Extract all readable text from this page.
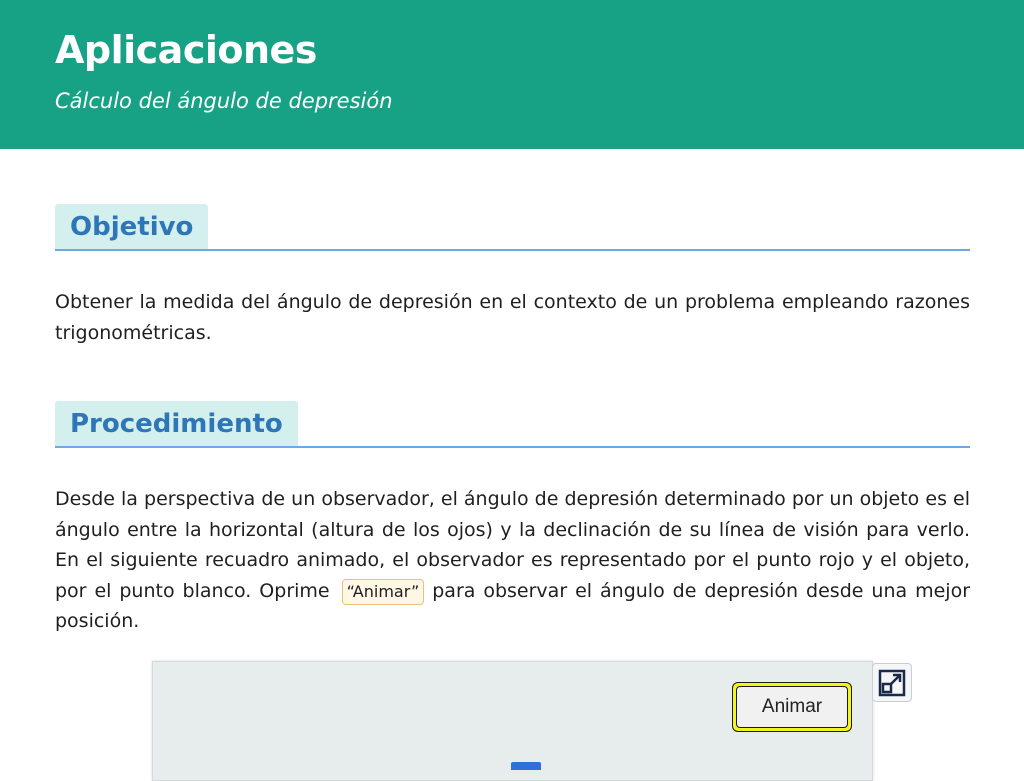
Aplicaciones
Cálculo del ángulo de depresión
Objetivo

Obtener la medida del ángulo de depresión en el contexto de un problema empleando razones trigonométricas.

Procedimiento

Desde la perspectiva de un observador, el ángulo de depresión determinado por un objeto es el ángulo entre la horizontal (altura de los ojos) y la declinación de su línea de visión para verlo. En el siguiente recuadro animado, el observador es representado por el punto rojo y el objeto, por el punto blanco. Oprime “Animar” para observar el ángulo de depresión desde una mejor posición.

Animar
